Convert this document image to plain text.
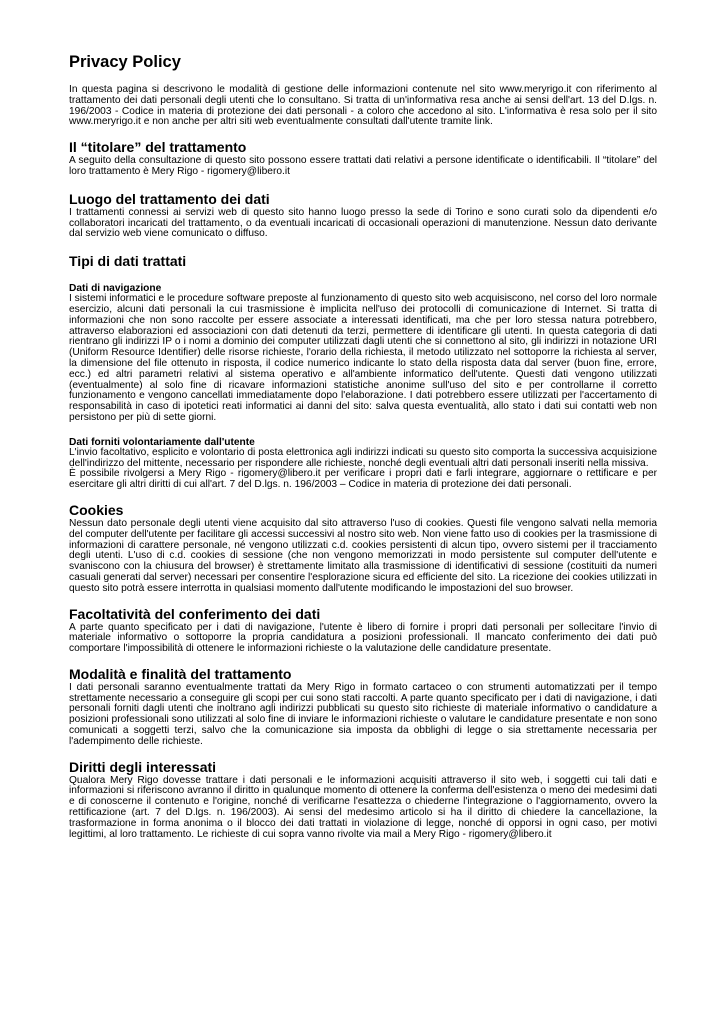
Privacy Policy

In questa pagina si descrivono le modalità di gestione delle informazioni contenute nel sito www.meryrigo.it con riferimento al trattamento dei dati personali degli utenti che lo consultano. Si tratta di un'informativa resa anche ai sensi dell'art. 13 del D.lgs. n. 196/2003 - Codice in materia di protezione dei dati personali - a coloro che accedono al sito. L'informativa è resa solo per il sito www.meryrigo.it e non anche per altri siti web eventualmente consultati dall'utente tramite link.

Il “titolare” del trattamento

A seguito della consultazione di questo sito possono essere trattati dati relativi a persone identificate o identificabili. Il “titolare” del loro trattamento è Mery Rigo - rigomery@libero.it

Luogo del trattamento dei dati

I trattamenti connessi ai servizi web di questo sito hanno luogo presso la sede di Torino e sono curati solo da dipendenti e/o collaboratori incaricati del trattamento, o da eventuali incaricati di occasionali operazioni di manutenzione. Nessun dato derivante dal servizio web viene comunicato o diffuso.

Tipi di dati trattati
Dati di navigazione

I sistemi informatici e le procedure software preposte al funzionamento di questo sito web acquisiscono, nel corso del loro normale esercizio, alcuni dati personali la cui trasmissione è implicita nell'uso dei protocolli di comunicazione di Internet. Si tratta di informazioni che non sono raccolte per essere associate a interessati identificati, ma che per loro stessa natura potrebbero, attraverso elaborazioni ed associazioni con dati detenuti da terzi, permettere di identificare gli utenti. In questa categoria di dati rientrano gli indirizzi IP o i nomi a dominio dei computer utilizzati dagli utenti che si connettono al sito, gli indirizzi in notazione URI (Uniform Resource Identifier) delle risorse richieste, l'orario della richiesta, il metodo utilizzato nel sottoporre la richiesta al server, la dimensione del file ottenuto in risposta, il codice numerico indicante lo stato della risposta data dal server (buon fine, errore, ecc.) ed altri parametri relativi al sistema operativo e all'ambiente informatico dell'utente. Questi dati vengono utilizzati (eventualmente) al solo fine di ricavare informazioni statistiche anonime sull'uso del sito e per controllarne il corretto funzionamento e vengono cancellati immediatamente dopo l'elaborazione. I dati potrebbero essere utilizzati per l'accertamento di responsabilità in caso di ipotetici reati informatici ai danni del sito: salva questa eventualità, allo stato i dati sui contatti web non persistono per più di sette giorni.

Dati forniti volontariamente dall'utente

L'invio facoltativo, esplicito e volontario di posta elettronica agli indirizzi indicati su questo sito comporta la successiva acquisizione dell'indirizzo del mittente, necessario per rispondere alle richieste, nonché degli eventuali altri dati personali inseriti nella missiva.

È possibile rivolgersi a Mery Rigo - rigomery@libero.it per verificare i propri dati e farli integrare, aggiornare o rettificare e per esercitare gli altri diritti di cui all'art. 7 del D.lgs. n. 196/2003 – Codice in materia di protezione dei dati personali.

Cookies

Nessun dato personale degli utenti viene acquisito dal sito attraverso l'uso di cookies. Questi file vengono salvati nella memoria del computer dell'utente per facilitare gli accessi successivi al nostro sito web. Non viene fatto uso di cookies per la trasmissione di informazioni di carattere personale, né vengono utilizzati c.d. cookies persistenti di alcun tipo, ovvero sistemi per il tracciamento degli utenti. L'uso di c.d. cookies di sessione (che non vengono memorizzati in modo persistente sul computer dell'utente e svaniscono con la chiusura del browser) è strettamente limitato alla trasmissione di identificativi di sessione (costituiti da numeri casuali generati dal server) necessari per consentire l'esplorazione sicura ed efficiente del sito. La ricezione dei cookies utilizzati in questo sito potrà essere interrotta in qualsiasi momento dall'utente modificando le impostazioni del suo browser.

Facoltatività del conferimento dei dati

A parte quanto specificato per i dati di navigazione, l'utente è libero di fornire i propri dati personali per sollecitare l'invio di materiale informativo o sottoporre la propria candidatura a posizioni professionali. Il mancato conferimento dei dati può comportare l'impossibilità di ottenere le informazioni richieste o la valutazione delle candidature presentate.

Modalità e finalità del trattamento

I dati personali saranno eventualmente trattati da Mery Rigo in formato cartaceo o con strumenti automatizzati per il tempo strettamente necessario a conseguire gli scopi per cui sono stati raccolti. A parte quanto specificato per i dati di navigazione, i dati personali forniti dagli utenti che inoltrano agli indirizzi pubblicati su questo sito richieste di materiale informativo o candidature a posizioni professionali sono utilizzati al solo fine di inviare le informazioni richieste o valutare le candidature presentate e non sono comunicati a soggetti terzi, salvo che la comunicazione sia imposta da obblighi di legge o sia strettamente necessaria per l'adempimento delle richieste.

Diritti degli interessati

Qualora Mery Rigo dovesse trattare i dati personali e le informazioni acquisiti attraverso il sito web, i soggetti cui tali dati e informazioni si riferiscono avranno il diritto in qualunque momento di ottenere la conferma dell'esistenza o meno dei medesimi dati e di conoscerne il contenuto e l'origine, nonché di verificarne l'esattezza o chiederne l'integrazione o l'aggiornamento, ovvero la rettificazione (art. 7 del D.lgs. n. 196/2003). Ai sensi del medesimo articolo si ha il diritto di chiedere la cancellazione, la trasformazione in forma anonima o il blocco dei dati trattati in violazione di legge, nonché di opporsi in ogni caso, per motivi legittimi, al loro trattamento. Le richieste di cui sopra vanno rivolte via mail a Mery Rigo - rigomery@libero.it
